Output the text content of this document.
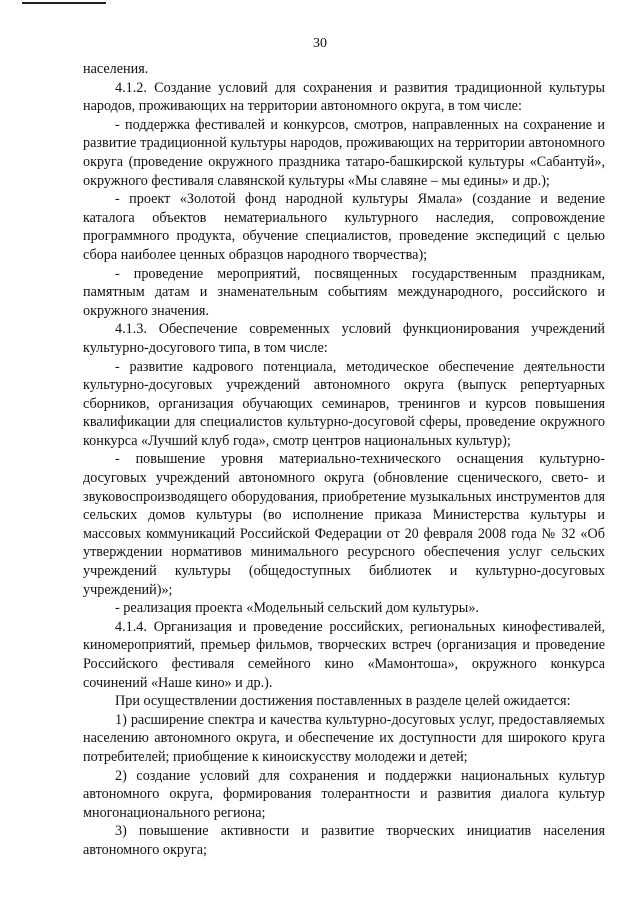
30

населения.

4.1.2. Создание условий для сохранения и развития традиционной культуры народов, проживающих на территории автономного округа, в том числе:

- поддержка фестивалей и конкурсов, смотров, направленных на сохранение и развитие традиционной культуры народов, проживающих на территории автономного округа (проведение окружного праздника татаро-башкирской культуры «Сабантуй», окружного фестиваля славянской культуры «Мы славяне – мы едины» и др.);

- проект «Золотой фонд народной культуры Ямала» (создание и ведение каталога объектов нематериального культурного наследия, сопровождение программного продукта, обучение специалистов, проведение экспедиций с целью сбора наиболее ценных образцов народного творчества);

- проведение мероприятий, посвященных государственным праздникам, памятным датам и знаменательным событиям международного, российского и окружного значения.

4.1.3. Обеспечение современных условий функционирования учреждений культурно-досугового типа, в том числе:

- развитие кадрового потенциала, методическое обеспечение деятельности культурно-досуговых учреждений автономного округа (выпуск репертуарных сборников, организация обучающих семинаров, тренингов и курсов повышения квалификации для специалистов культурно-досуговой сферы, проведение окружного конкурса «Лучший клуб года», смотр центров национальных культур);

- повышение уровня материально-технического оснащения культурно-досуговых учреждений автономного округа (обновление сценического, свето- и звуковоспроизводящего оборудования, приобретение музыкальных инструментов для сельских домов культуры (во исполнение приказа Министерства культуры и массовых коммуникаций Российской Федерации от 20 февраля 2008 года № 32 «Об утверждении нормативов минимального ресурсного обеспечения услуг сельских учреждений культуры (общедоступных библиотек и культурно-досуговых учреждений)»;

- реализация проекта «Модельный сельский дом культуры».

4.1.4. Организация и проведение российских, региональных кинофестивалей, киномероприятий, премьер фильмов, творческих встреч (организация и проведение Российского фестиваля семейного кино «Мамонтоша», окружного конкурса сочинений «Наше кино» и др.).

При осуществлении достижения поставленных в разделе целей ожидается:

1) расширение спектра и качества культурно-досуговых услуг, предоставляемых населению автономного округа, и обеспечение их доступности для широкого круга потребителей; приобщение к киноискусству молодежи и детей;

2) создание условий для сохранения и поддержки национальных культур автономного округа, формирования толерантности и развития диалога культур многонационального региона;

3) повышение активности и развитие творческих инициатив населения автономного округа;
